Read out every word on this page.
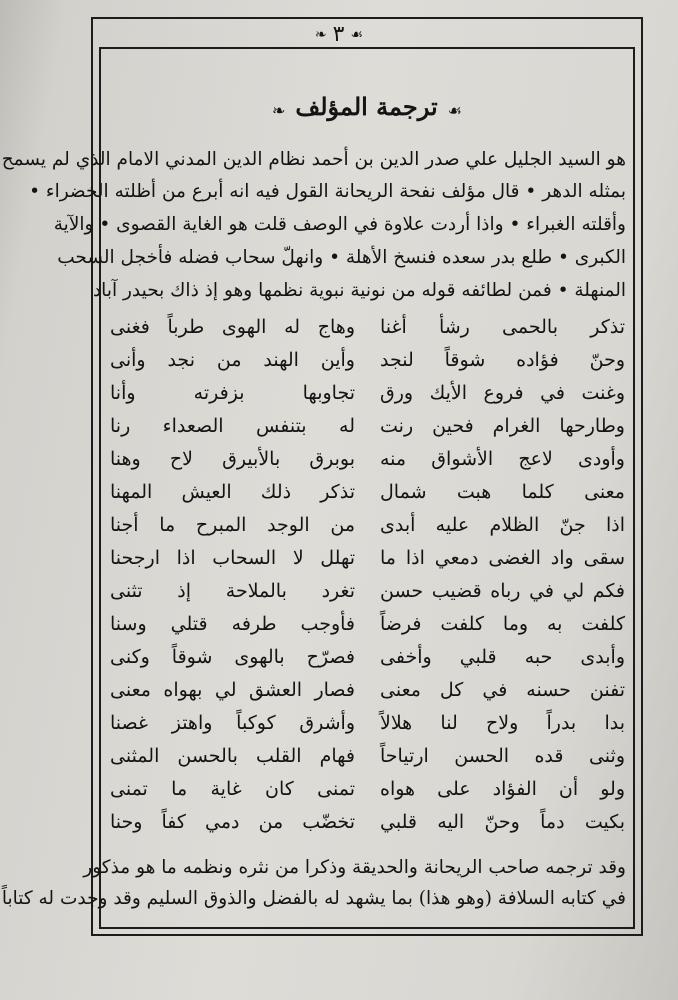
☙٣❧
☙ترجمة المؤلف❧
هو السيد الجليل علي صدر الدين بن أحمد نظام الدين المدني الامام الذي لم يسمح
بمثله الدهر • قال مؤلف نفحة الريحانة القول فيه انه أبرع من أظلته الخضراء •
وأقلته الغبراء • واذا أردت علاوة في الوصف قلت هو الغاية القصوى • والآية
الكبرى • طلع بدر سعده فنسخ الأهلة • وانهلّ سحاب فضله فأخجل السحب
المنهلة • فمن لطائفه قوله من نونية نبوية نظمها وهو إذ ذاك بحيدر آباد
تذكر بالحمى رشأ أغنا
وهاج له الهوى طرباً فغنى
وحنّ فؤاده شوقاً لنجد
وأين الهند من نجد وأنى
وغنت في فروع الأيك ورق
تجاوبها بزفرته وأنا
وطارحها الغرام فحين رنت
له بتنفس الصعداء رنا
وأودى لاعج الأشواق منه
بوبرق بالأبيرق لاح وهنا
معنى كلما هبت شمال
تذكر ذلك العيش المهنا
اذا جنّ الظلام عليه أبدى
من الوجد المبرح ما أجنا
سقى واد الغضى دمعي اذا ما
تهلل لا السحاب اذا ارجحنا
فكم لي في رباه قضيب حسن
تغرد بالملاحة إذ تثنى
كلفت به وما كلفت فرضاً
فأوجب طرفه قتلي وسنا
وأبدى حبه قلبي وأخفى
فصرّح بالهوى شوقاً وكنى
تفنن حسنه في كل معنى
فصار العشق لي بهواه معنى
بدا بدراً ولاح لنا هلالاً
وأشرق كوكباً واهتز غصنا
وثنى قده الحسن ارتياحاً
فهام القلب بالحسن المثنى
ولو أن الفؤاد على هواه
تمنى كان غاية ما تمنى
بكيت دماً وحنّ اليه قلبي
تخضّب من دمي كفاً وحنا
وقد ترجمه صاحب الريحانة والحديقة وذكرا من نثره ونظمه ما هو مذكور
في كتابه السلافة (وهو هذا) بما يشهد له بالفضل والذوق السليم وقد وجدت له كتاباً
